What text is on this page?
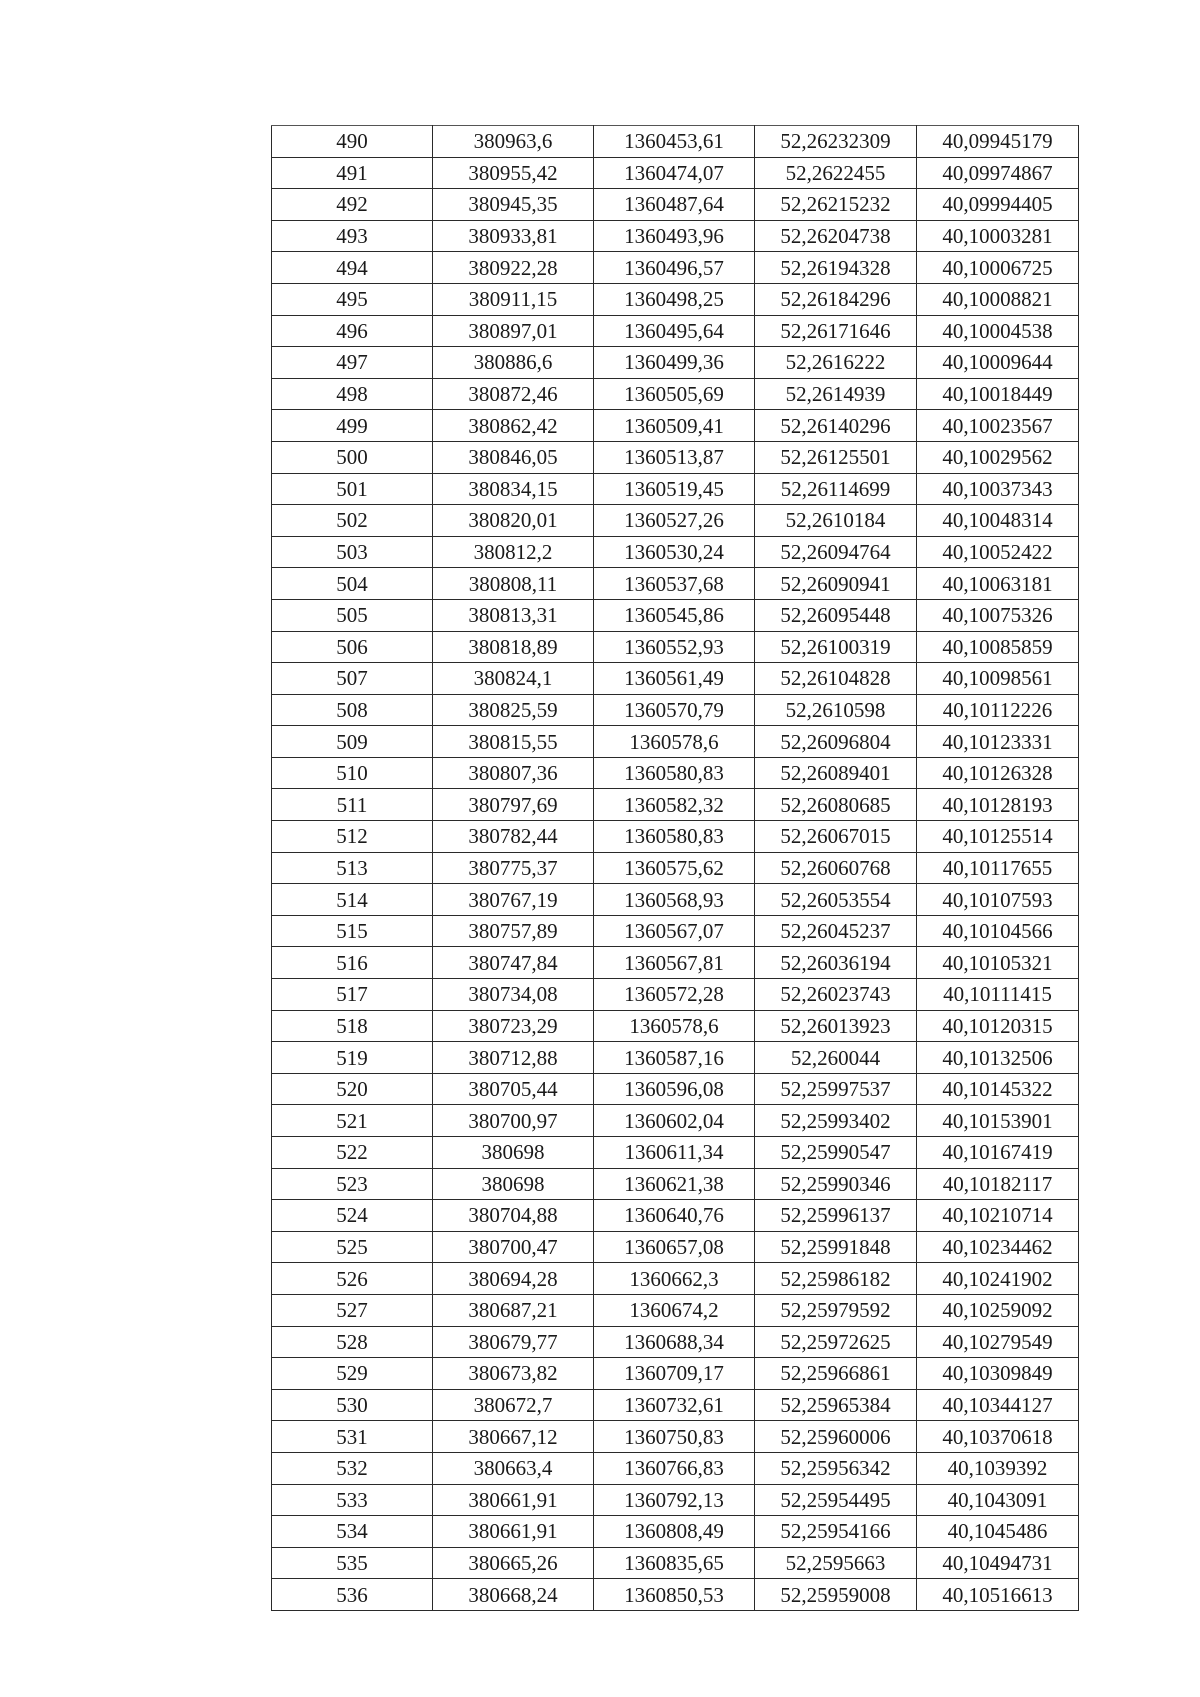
490	380963,6	1360453,61	52,26232309	40,09945179
491	380955,42	1360474,07	52,2622455	40,09974867
492	380945,35	1360487,64	52,26215232	40,09994405
493	380933,81	1360493,96	52,26204738	40,10003281
494	380922,28	1360496,57	52,26194328	40,10006725
495	380911,15	1360498,25	52,26184296	40,10008821
496	380897,01	1360495,64	52,26171646	40,10004538
497	380886,6	1360499,36	52,2616222	40,10009644
498	380872,46	1360505,69	52,2614939	40,10018449
499	380862,42	1360509,41	52,26140296	40,10023567
500	380846,05	1360513,87	52,26125501	40,10029562
501	380834,15	1360519,45	52,26114699	40,10037343
502	380820,01	1360527,26	52,2610184	40,10048314
503	380812,2	1360530,24	52,26094764	40,10052422
504	380808,11	1360537,68	52,26090941	40,10063181
505	380813,31	1360545,86	52,26095448	40,10075326
506	380818,89	1360552,93	52,26100319	40,10085859
507	380824,1	1360561,49	52,26104828	40,10098561
508	380825,59	1360570,79	52,2610598	40,10112226
509	380815,55	1360578,6	52,26096804	40,10123331
510	380807,36	1360580,83	52,26089401	40,10126328
511	380797,69	1360582,32	52,26080685	40,10128193
512	380782,44	1360580,83	52,26067015	40,10125514
513	380775,37	1360575,62	52,26060768	40,10117655
514	380767,19	1360568,93	52,26053554	40,10107593
515	380757,89	1360567,07	52,26045237	40,10104566
516	380747,84	1360567,81	52,26036194	40,10105321
517	380734,08	1360572,28	52,26023743	40,10111415
518	380723,29	1360578,6	52,26013923	40,10120315
519	380712,88	1360587,16	52,260044	40,10132506
520	380705,44	1360596,08	52,25997537	40,10145322
521	380700,97	1360602,04	52,25993402	40,10153901
522	380698	1360611,34	52,25990547	40,10167419
523	380698	1360621,38	52,25990346	40,10182117
524	380704,88	1360640,76	52,25996137	40,10210714
525	380700,47	1360657,08	52,25991848	40,10234462
526	380694,28	1360662,3	52,25986182	40,10241902
527	380687,21	1360674,2	52,25979592	40,10259092
528	380679,77	1360688,34	52,25972625	40,10279549
529	380673,82	1360709,17	52,25966861	40,10309849
530	380672,7	1360732,61	52,25965384	40,10344127
531	380667,12	1360750,83	52,25960006	40,10370618
532	380663,4	1360766,83	52,25956342	40,1039392
533	380661,91	1360792,13	52,25954495	40,1043091
534	380661,91	1360808,49	52,25954166	40,1045486
535	380665,26	1360835,65	52,2595663	40,10494731
536	380668,24	1360850,53	52,25959008	40,10516613
